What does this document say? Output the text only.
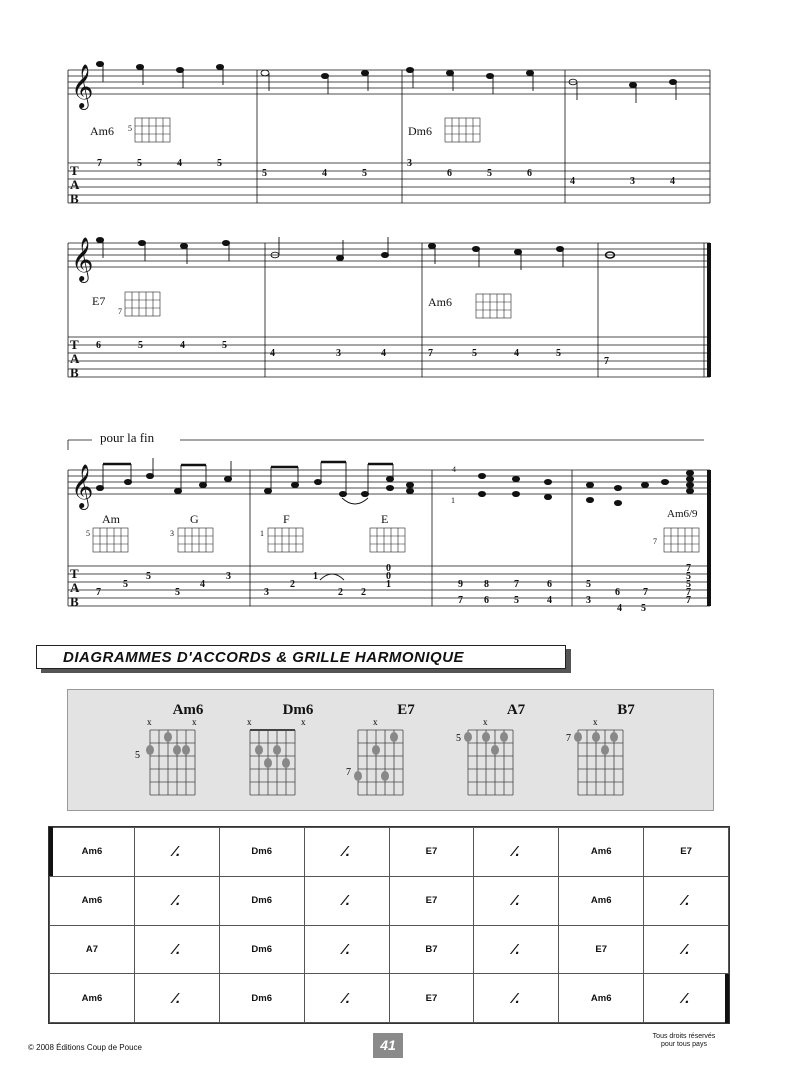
𝄞
𝄞
𝄞
Am6	Dm6
E7	Am6
Am	G	F	E	Am6/9
pour la fin
5
7
5	3	1
7
4
1
T
A
B
T
A
B
T
A
B
7	5	4	5
5	4	5
3
6	5	6
4	3	4
6	5	4	5
4	3	4	7	5	4	5
7
5
5
4
3
2
1
0
0
1	9 8	7	6	5
6 7
7
5
5
7
7	5	3	2 2
7 6	5	4	3
4 5
7
DIAGRAMMES D'ACCORDS & GRILLE HARMONIQUE
Am6
x	x
5
Dm6
x	x
E7
x
7
A7
x
5
B7
x
7
Am6	⁄.	Dm6	⁄.	E7	⁄.	Am6	E7
Am6	⁄.	Dm6	⁄.	E7	⁄.	Am6	⁄.
A7	⁄.	Dm6	⁄.	B7	⁄.	E7	⁄.
Am6	⁄.	Dm6	⁄.	E7	⁄.	Am6	⁄.
© 2008 Éditions Coup de Pouce	41
Tous droits réservés
pour tous pays
